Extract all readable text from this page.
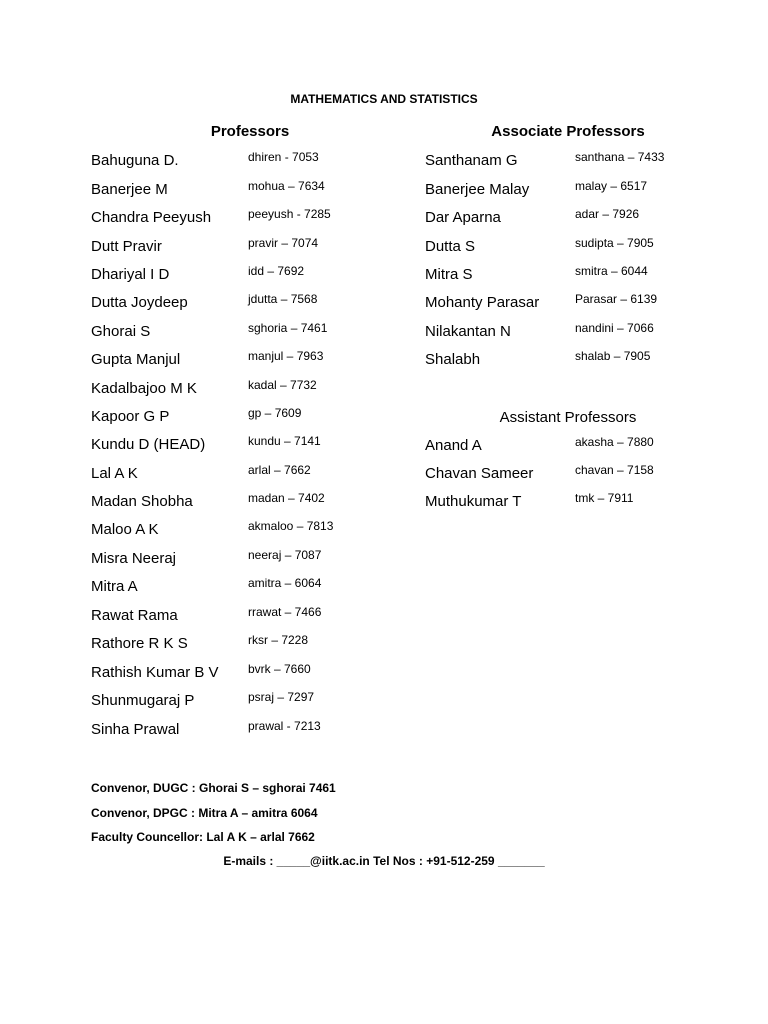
MATHEMATICS AND STATISTICS
Professors
Bahuguna D.	dhiren - 7053
Banerjee M	mohua – 7634
Chandra Peeyush	peeyush - 7285
Dutt Pravir	pravir – 7074
Dhariyal I D	idd – 7692
Dutta Joydeep	jdutta – 7568
Ghorai S	sghoria – 7461
Gupta Manjul	manjul – 7963
Kadalbajoo M K	kadal – 7732
Kapoor G P	gp – 7609
Kundu D (HEAD)	kundu – 7141
Lal A K	arlal – 7662
Madan Shobha	madan – 7402
Maloo A K	akmaloo – 7813
Misra Neeraj	neeraj – 7087
Mitra A	amitra – 6064
Rawat Rama	rrawat – 7466
Rathore R K S	rksr – 7228
Rathish Kumar B V bvrk – 7660
Shunmugaraj P	psraj – 7297
Sinha Prawal	prawal - 7213
Associate Professors
Santhanam G	santhana – 7433
Banerjee Malay	malay – 6517
Dar Aparna	adar – 7926
Dutta S	sudipta – 7905
Mitra S	smitra – 6044
Mohanty Parasar	Parasar – 6139
Nilakantan N	nandini – 7066
Shalabh	shalab – 7905
Assistant Professors
Anand A	akasha – 7880
Chavan Sameer	chavan – 7158
Muthukumar T	tmk – 7911
Convenor, DUGC : Ghorai S – sghorai 7461
Convenor, DPGC : Mitra A – amitra 6064
Faculty Councellor: Lal A K – arlal 7662
E-mails : _____@iitk.ac.in Tel Nos : +91-512-259 _______
